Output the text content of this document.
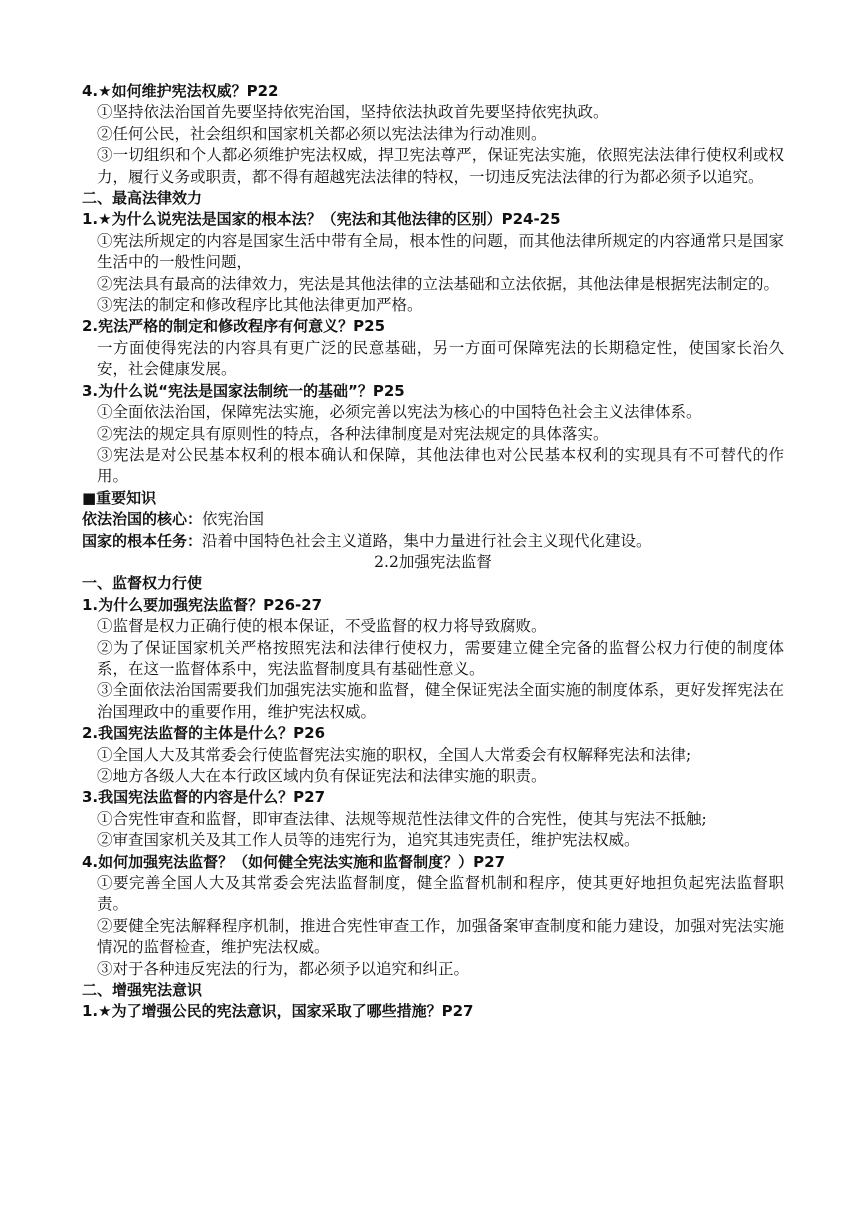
4.★如何维护宪法权威？P22
①坚持依法治国首先要坚持依宪治国，坚持依法执政首先要坚持依宪执政。
②任何公民，社会组织和国家机关都必须以宪法法律为行动准则。
③一切组织和个人都必须维护宪法权威，捍卫宪法尊严，保证宪法实施，依照宪法法律行使权利或权力，履行义务或职责，都不得有超越宪法法律的特权，一切违反宪法法律的行为都必须予以追究。
二、最高法律效力
1.★为什么说宪法是国家的根本法？（宪法和其他法律的区别）P24-25
①宪法所规定的内容是国家生活中带有全局，根本性的问题，而其他法律所规定的内容通常只是国家生活中的一般性问题，
②宪法具有最高的法律效力，宪法是其他法律的立法基础和立法依据，其他法律是根据宪法制定的。
③宪法的制定和修改程序比其他法律更加严格。
2.宪法严格的制定和修改程序有何意义？P25
一方面使得宪法的内容具有更广泛的民意基础，另一方面可保障宪法的长期稳定性，使国家长治久安，社会健康发展。
3.为什么说“宪法是国家法制统一的基础”？P25
①全面依法治国，保障宪法实施，必须完善以宪法为核心的中国特色社会主义法律体系。
②宪法的规定具有原则性的特点，各种法律制度是对宪法规定的具体落实。
③宪法是对公民基本权利的根本确认和保障，其他法律也对公民基本权利的实现具有不可替代的作用。
■重要知识
依法治国的核心：依宪治国
国家的根本任务：沿着中国特色社会主义道路，集中力量进行社会主义现代化建设。
2.2加强宪法监督
一、监督权力行使
1.为什么要加强宪法监督？P26-27
①监督是权力正确行使的根本保证，不受监督的权力将导致腐败。
②为了保证国家机关严格按照宪法和法律行使权力，需要建立健全完备的监督公权力行使的制度体系，在这一监督体系中，宪法监督制度具有基础性意义。
③全面依法治国需要我们加强宪法实施和监督，健全保证宪法全面实施的制度体系，更好发挥宪法在治国理政中的重要作用，维护宪法权威。
2.我国宪法监督的主体是什么？P26
①全国人大及其常委会行使监督宪法实施的职权，全国人大常委会有权解释宪法和法律;
②地方各级人大在本行政区域内负有保证宪法和法律实施的职责。
3.我国宪法监督的内容是什么？P27
①合宪性审查和监督，即审查法律、法规等规范性法律文件的合宪性，使其与宪法不抵触;
②审查国家机关及其工作人员等的违宪行为，追究其违宪责任，维护宪法权威。
4.如何加强宪法监督？（如何健全宪法实施和监督制度？）P27
①要完善全国人大及其常委会宪法监督制度，健全监督机制和程序，使其更好地担负起宪法监督职责。
②要健全宪法解释程序机制，推进合宪性审查工作，加强备案审查制度和能力建设，加强对宪法实施情况的监督检查，维护宪法权威。
③对于各种违反宪法的行为，都必须予以追究和纠正。
二、增强宪法意识
1.★为了增强公民的宪法意识，国家采取了哪些措施？P27
